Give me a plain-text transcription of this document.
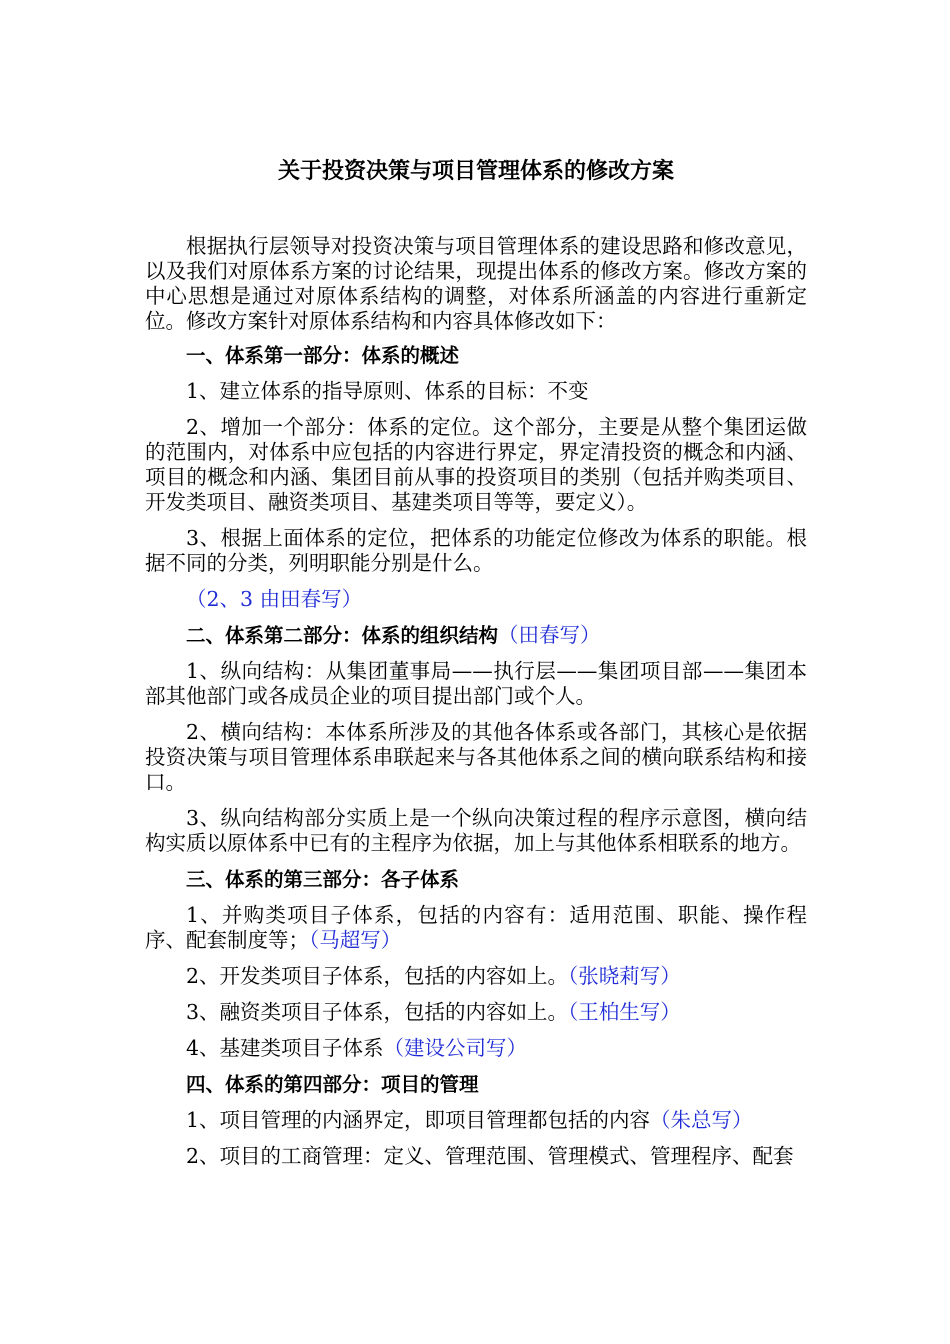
关于投资决策与项目管理体系的修改方案

根据执行层领导对投资决策与项目管理体系的建设思路和修改意见，以及我们对原体系方案的讨论结果，现提出体系的修改方案。修改方案的中心思想是通过对原体系结构的调整，对体系所涵盖的内容进行重新定位。修改方案针对原体系结构和内容具体修改如下：

一、体系第一部分：体系的概述

1、建立体系的指导原则、体系的目标：不变

2、增加一个部分：体系的定位。这个部分，主要是从整个集团运做的范围内，对体系中应包括的内容进行界定，界定清投资的概念和内涵、项目的概念和内涵、集团目前从事的投资项目的类别（包括并购类项目、开发类项目、融资类项目、基建类项目等等，要定义）。

3、根据上面体系的定位，把体系的功能定位修改为体系的职能。根据不同的分类，列明职能分别是什么。

（2、3 由田春写）

二、体系第二部分：体系的组织结构（田春写）

1、纵向结构：从集团董事局——执行层——集团项目部——集团本部其他部门或各成员企业的项目提出部门或个人。

2、横向结构：本体系所涉及的其他各体系或各部门，其核心是依据投资决策与项目管理体系串联起来与各其他体系之间的横向联系结构和接口。

3、纵向结构部分实质上是一个纵向决策过程的程序示意图，横向结构实质以原体系中已有的主程序为依据，加上与其他体系相联系的地方。

三、体系的第三部分：各子体系

1、并购类项目子体系，包括的内容有：适用范围、职能、操作程序、配套制度等；（马超写）

2、开发类项目子体系，包括的内容如上。（张晓莉写）

3、融资类项目子体系，包括的内容如上。（王柏生写）

4、基建类项目子体系（建设公司写）

四、体系的第四部分：项目的管理

1、项目管理的内涵界定，即项目管理都包括的内容（朱总写）

2、项目的工商管理：定义、管理范围、管理模式、管理程序、配套
